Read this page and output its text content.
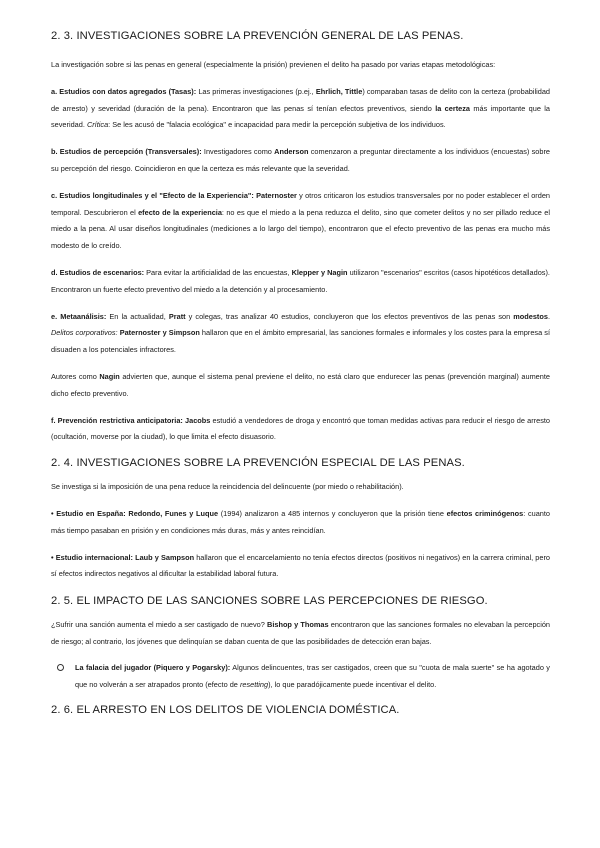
2. 3. INVESTIGACIONES SOBRE LA PREVENCIÓN GENERAL DE LAS PENAS.

La investigación sobre si las penas en general (especialmente la prisión) previenen el delito ha pasado por varias etapas metodológicas:

a. Estudios con datos agregados (Tasas): Las primeras investigaciones (p.ej., Ehrlich, Tittle) comparaban tasas de delito con la certeza (probabilidad de arresto) y severidad (duración de la pena). Encontraron que las penas sí tenían efectos preventivos, siendo la certeza más importante que la severidad. Crítica: Se les acusó de "falacia ecológica" e incapacidad para medir la percepción subjetiva de los individuos.

b. Estudios de percepción (Transversales): Investigadores como Anderson comenzaron a preguntar directamente a los individuos (encuestas) sobre su percepción del riesgo. Coincidieron en que la certeza es más relevante que la severidad.

c. Estudios longitudinales y el "Efecto de la Experiencia": Paternoster y otros criticaron los estudios transversales por no poder establecer el orden temporal. Descubrieron el efecto de la experiencia: no es que el miedo a la pena reduzca el delito, sino que cometer delitos y no ser pillado reduce el miedo a la pena. Al usar diseños longitudinales (mediciones a lo largo del tiempo), encontraron que el efecto preventivo de las penas era mucho más modesto de lo creído.

d. Estudios de escenarios: Para evitar la artificialidad de las encuestas, Klepper y Nagin utilizaron "escenarios" escritos (casos hipotéticos detallados). Encontraron un fuerte efecto preventivo del miedo a la detención y al procesamiento.

e. Metaanálisis: En la actualidad, Pratt y colegas, tras analizar 40 estudios, concluyeron que los efectos preventivos de las penas son modestos. Delitos corporativos: Paternoster y Simpson hallaron que en el ámbito empresarial, las sanciones formales e informales y los costes para la empresa sí disuaden a los potenciales infractores.

Autores como Nagin advierten que, aunque el sistema penal previene el delito, no está claro que endurecer las penas (prevención marginal) aumente dicho efecto preventivo.

f. Prevención restrictiva anticipatoria: Jacobs estudió a vendedores de droga y encontró que toman medidas activas para reducir el riesgo de arresto (ocultación, moverse por la ciudad), lo que limita el efecto disuasorio.

2. 4. INVESTIGACIONES SOBRE LA PREVENCIÓN ESPECIAL DE LAS PENAS.

Se investiga si la imposición de una pena reduce la reincidencia del delincuente (por miedo o rehabilitación).

• Estudio en España: Redondo, Funes y Luque (1994) analizaron a 485 internos y concluyeron que la prisión tiene efectos criminógenos: cuanto más tiempo pasaban en prisión y en condiciones más duras, más y antes reincidían.

• Estudio internacional: Laub y Sampson hallaron que el encarcelamiento no tenía efectos directos (positivos ni negativos) en la carrera criminal, pero sí efectos indirectos negativos al dificultar la estabilidad laboral futura.

2. 5. EL IMPACTO DE LAS SANCIONES SOBRE LAS PERCEPCIONES DE RIESGO.

¿Sufrir una sanción aumenta el miedo a ser castigado de nuevo? Bishop y Thomas encontraron que las sanciones formales no elevaban la percepción de riesgo; al contrario, los jóvenes que delinquían se daban cuenta de que las posibilidades de detección eran bajas.

La falacia del jugador (Piquero y Pogarsky): Algunos delincuentes, tras ser castigados, creen que su "cuota de mala suerte" se ha agotado y que no volverán a ser atrapados pronto (efecto de resetting), lo que paradójicamente puede incentivar el delito.

2. 6. EL ARRESTO EN LOS DELITOS DE VIOLENCIA DOMÉSTICA.
